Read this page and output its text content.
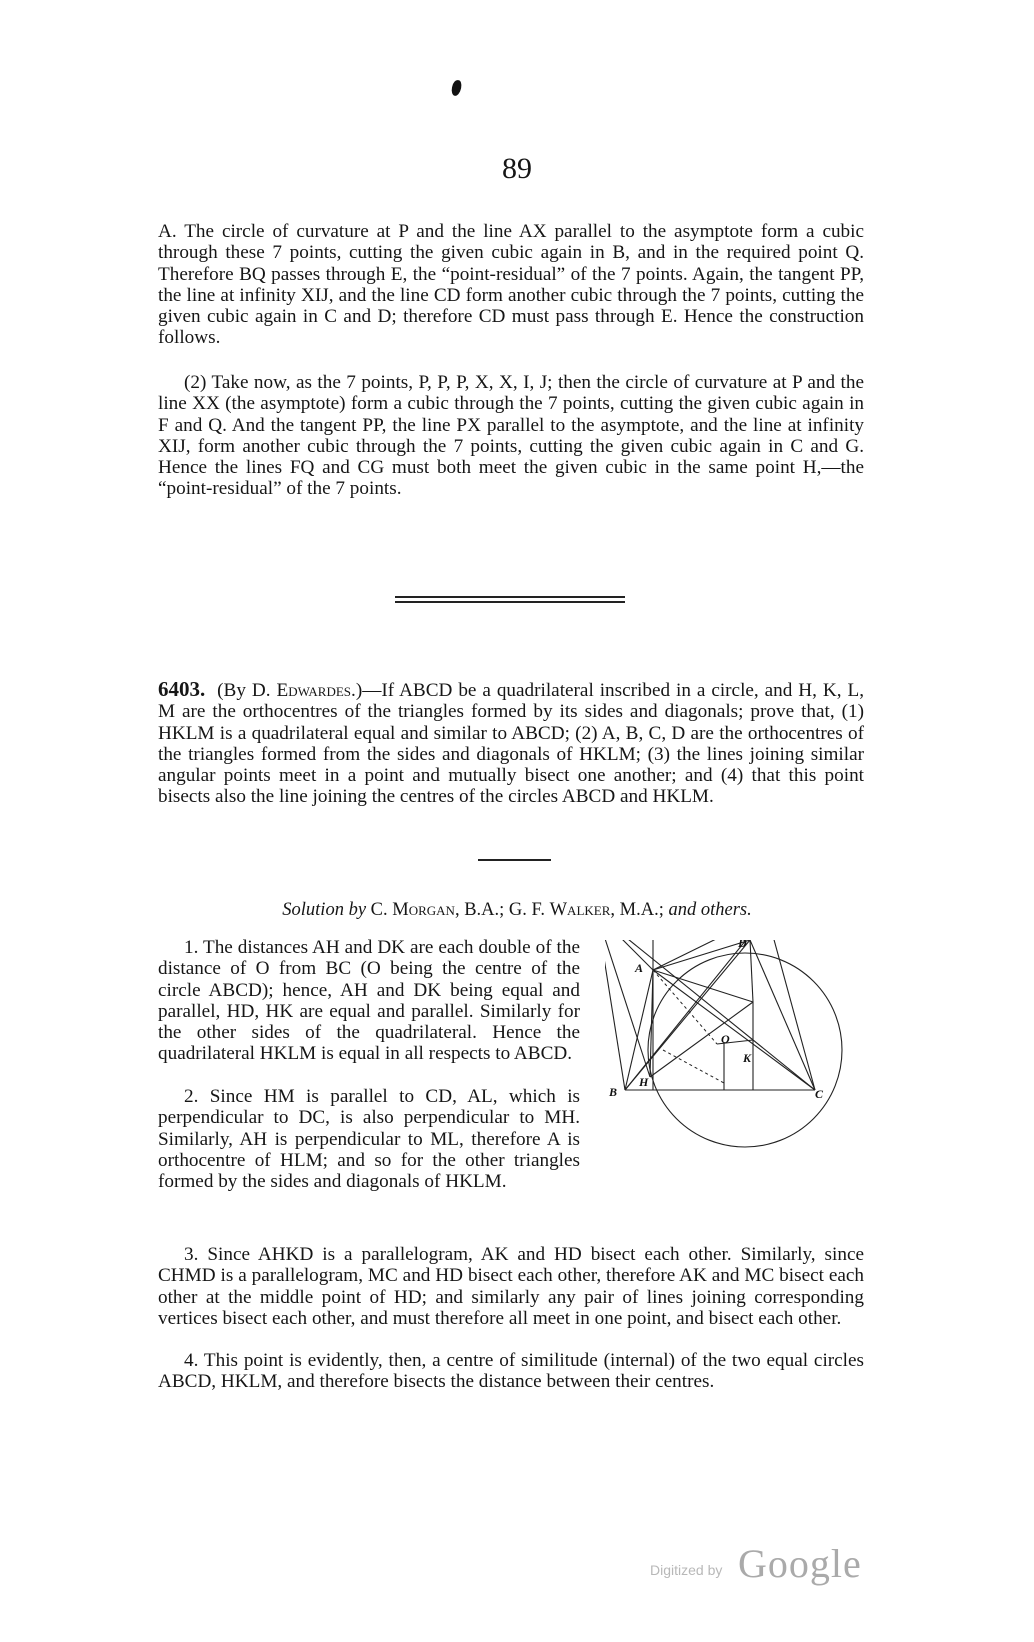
89

A. The circle of curvature at P and the line AX parallel to the asymptote form a cubic through these 7 points, cutting the given cubic again in B, and in the required point Q. Therefore BQ passes through E, the “point-residual” of the 7 points. Again, the tangent PP, the line at infinity XIJ, and the line CD form another cubic through the 7 points, cutting the given cubic again in C and D; therefore CD must pass through E. Hence the construction follows.

(2) Take now, as the 7 points, P, P, P, X, X, I, J; then the circle of curvature at P and the line XX (the asymptote) form a cubic through the 7 points, cutting the given cubic again in F and Q. And the tangent PP, the line PX parallel to the asymptote, and the line at infinity XIJ, form another cubic through the 7 points, cutting the given cubic again in C and G. Hence the lines FQ and CG must both meet the given cubic in the same point H,—the “point-residual” of the 7 points.

6403. (By D. Edwardes.)—If ABCD be a quadrilateral inscribed in a circle, and H, K, L, M are the orthocentres of the triangles formed by its sides and diagonals; prove that, (1) HKLM is a quadrilateral equal and similar to ABCD; (2) A, B, C, D are the orthocentres of the triangles formed from the sides and diagonals of HKLM; (3) the lines joining similar angular points meet in a point and mutually bisect one another; and (4) that this point bisects also the line joining the centres of the circles ABCD and HKLM.

Solution by C. Morgan, B.A.; G. F. Walker, M.A.; and others.

1. The distances AH and DK are each double of the distance of O from BC (O being the centre of the circle ABCD); hence, AH and DK being equal and parallel, HD, HK are equal and parallel. Similarly for the other sides of the quadrilateral. Hence the quadrilateral HKLM is equal in all respects to ABCD.

2. Since HM is parallel to CD, AL, which is perpendicular to DC, is also perpendicular to MH. Similarly, AH is perpendicular to ML, therefore A is orthocentre of HLM; and so for the other triangles formed by the sides and diagonals of HKLM.

D
A
O
K
B
H
C

3. Since AHKD is a parallelogram, AK and HD bisect each other. Similarly, since CHMD is a parallelogram, MC and HD bisect each other, therefore AK and MC bisect each other at the middle point of HD; and similarly any pair of lines joining corresponding vertices bisect each other, and must therefore all meet in one point, and bisect each other.

4. This point is evidently, then, a centre of similitude (internal) of the two equal circles ABCD, HKLM, and therefore bisects the distance between their centres.

Digitized by Google
